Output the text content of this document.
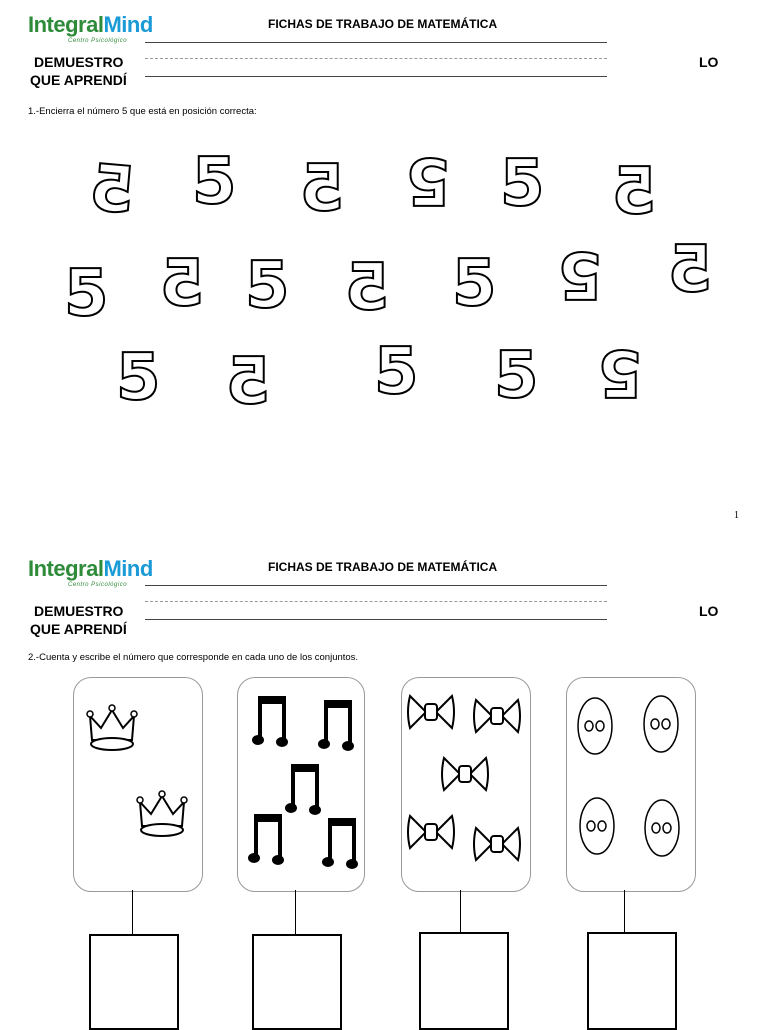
IntegralMind
Centro Psicológico
FICHAS DE TRABAJO DE MATEMÁTICA
DEMUESTRO
QUE APRENDÍ
LO
1.-Encierra el número 5 que está en posición correcta:
5 5 5 5 5 5
5 5 5 5 5 5 5
5 5 5 5 5
1
IntegralMind
Centro Psicológico
FICHAS DE TRABAJO DE MATEMÁTICA
DEMUESTRO
QUE APRENDÍ
LO
2.-Cuenta y escribe el número que corresponde en cada uno de los conjuntos.
